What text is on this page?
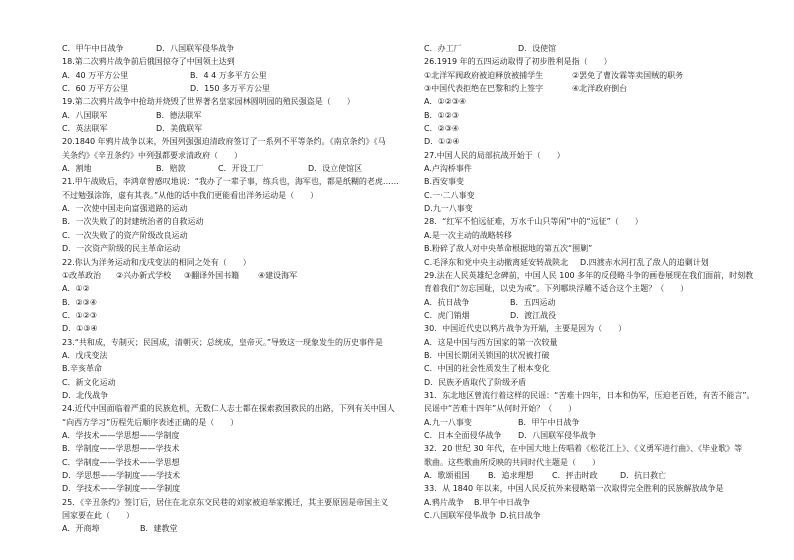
C．甲午中日战争	D．八国联军侵华战争
18.第二次鸦片战争前后俄国掠夺了中国领土达到
A．40 万平方公里	B．4 4 万多平方公里
C．60 万平方公里	D．150 多万平方公里
19.第二次鸦片战争中抢劫并烧毁了世界著名皇家园林圆明园的殖民强盗是（　　）
A．八国联军	B．德法联军
C．英法联军	D．美俄联军
20.1840 年鸦片战争以来，外国列强强迫清政府签订了一系列不平等条约。《南京条约》《马
关条约》《辛丑条约》中列强都要求清政府（　　）
A．割地	B．赔款	C．开设工厂	D．设立使馆区
21.甲午战败后，李鸿章曾感叹地说：“我办了一辈子事，练兵也，海军也，都是纸糊的老虎……
不过勉强涂饰，虚有其表。”从他的话中我们更能看出洋务运动是（　　）
A．一次使中国走向富强道路的运动
B．一次失败了的封建统治者的自救运动
C．一次失败了的资产阶级改良运动
D．一次资产阶级的民主革命运动
22.你认为洋务运动和戊戌变法的相同之处有（　　）
①改革政治	②兴办新式学校	③翻译外国书籍	④建设海军
A．①②
B．②③④
C．①②③
D．①③④
23.“共和成，专制灭；民国成，清朝灭；总统成，皇帝灭。”导致这一现象发生的历史事件是
A．戊戌变法
B.辛亥革命
C．新文化运动
D．北伐战争
24.近代中国面临着严重的民族危机，无数仁人志士都在探索救国救民的出路，下列有关中国人
“向西方学习”历程先后顺序表述正确的是（　　）
A．学技术——学思想——学制度
B．学制度——学思想——学技术
C．学制度——学技术——学思想
D．学思想——学制度——学技术
D．学技术——学制度——学制度
25．《辛丑条约》签订后，居住在北京东交民巷的刘家被迫举家搬迁，其主要原因是帝国主义
国家要在此（　　）
A．开商埠	B．建教堂
C．办工厂	D．设使馆
26.1919 年的五四运动取得了初步胜利是指（　　）
①北洋军阀政府被迫释放被捕学生	②罢免了曹汝霖等卖国贼的职务
③中国代表拒绝在巴黎和约上签字	④北洋政府倒台
A．①②③④
B．①②③
C．②③④
D．①②④
27.中国人民的局部抗战开始于（　　）
A.卢沟桥事件
B.西安事变
C.一·二八事变
D.九一八事变
28．“红军不怕远征难，万水千山只等闲”中的“远征”（　　）
A.是一次主动的战略转移
B.粉碎了敌人对中央革命根据地的第五次“围剿”
C.毛泽东和党中央主动撤离延安转战陕北	D.四渡赤水河打乱了敌人的追剿计划
29.法在人民英雄纪念碑前，中国人民 100 多年的反侵略斗争的画卷展现在我们面前，时刻教
育着我们“勿忘国耻，以史为戒”。下列哪块浮雕不适合这个主题？（　　）
A．抗日战争	B．五四运动
C．虎门销烟	D．渡江战役
30．中国近代史以鸦片战争为开端，主要是因为（　　）
A．这是中国与西方国家的第一次较量
B．中国长期闭关锁国的状况被打破
C．中国的社会性质发生了根本变化
D．民族矛盾取代了阶级矛盾
31．东北地区曾流行着这样的民谣：“苦难十四年，日本和伪军，压迫老百姓，有苦不能言”。
民谣中“苦难十四年”从何时开始？（　　）
A.九一八事变	B．甲午中日战争
C．日本全面侵华战争	D．八国联军侵华战争
32．20 世纪 30 年代，在中国大地上传唱着《松花江上》、《义勇军进行曲》、《毕业歌》等
歌曲。这些歌曲所反映的共同时代主题是（　　）
A．歌颂祖国	B．追求理想	C．抨击时政	D．抗日救亡
33．从 1840 年以来，中国人民反抗外来侵略第一次取得完全胜利的民族解放战争是
A.鸦片战争	B.甲午中日战争
C.八国联军侵华战争 D.抗日战争
